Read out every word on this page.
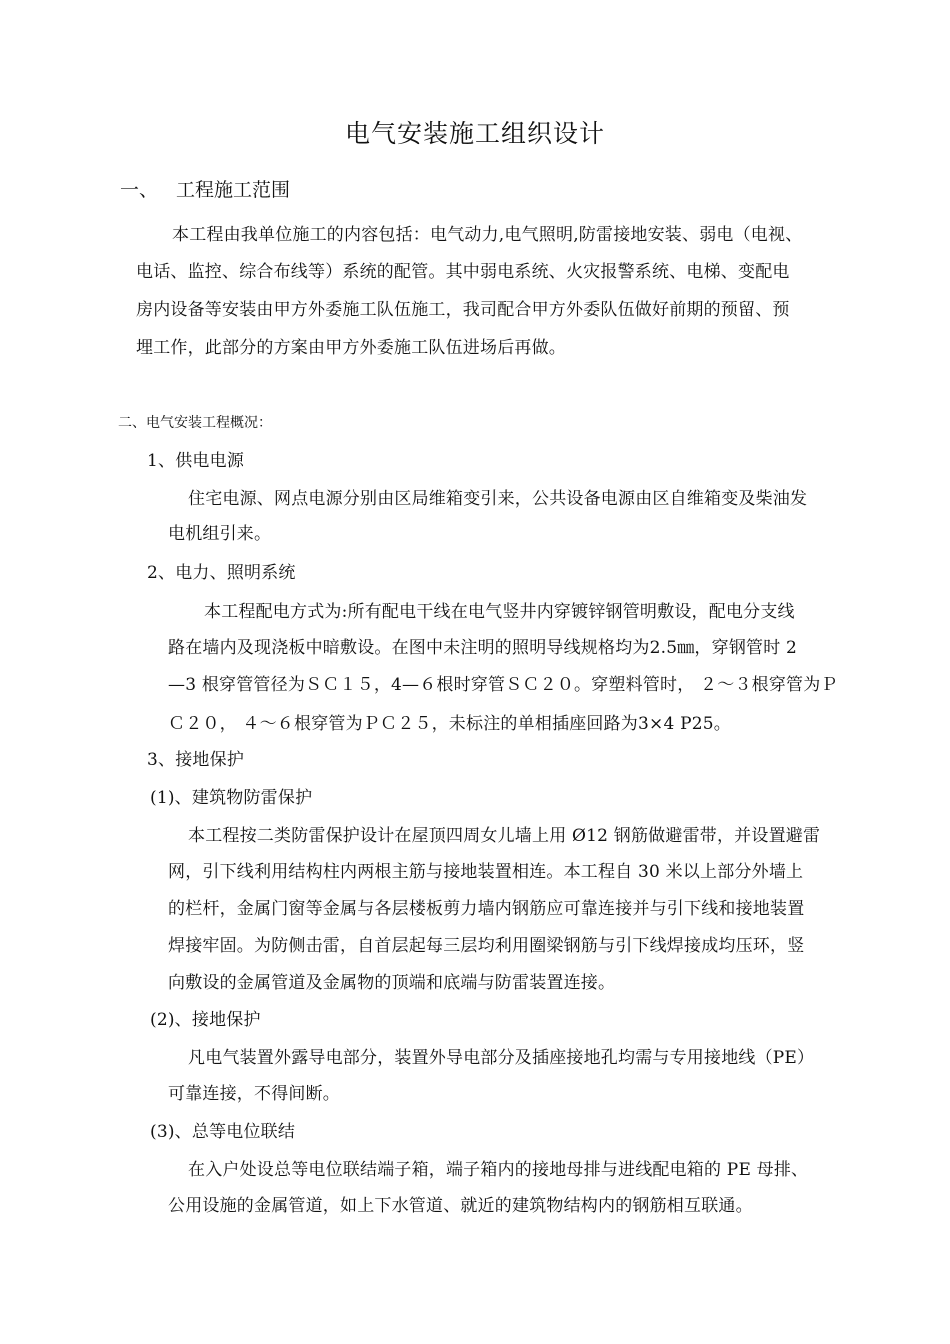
电气安装施工组织设计
一、 工程施工范围
本工程由我单位施工的内容包括：电气动力,电气照明,防雷接地安装、弱电（电视、
电话、监控、综合布线等）系统的配管。其中弱电系统、火灾报警系统、电梯、变配电
房内设备等安装由甲方外委施工队伍施工，我司配合甲方外委队伍做好前期的预留、预
埋工作，此部分的方案由甲方外委施工队伍进场后再做。
二、电气安装工程概况：
1、供电电源
住宅电源、网点电源分别由区局维箱变引来，公共设备电源由区自维箱变及柴油发
电机组引来。
2、电力、照明系统
本工程配电方式为:所有配电干线在电气竖井内穿镀锌钢管明敷设，配电分支线
路在墙内及现浇板中暗敷设。在图中未注明的照明导线规格均为2.5㎜，穿钢管时 2
—3 根穿管管径为ＳＣ１５，4—６根时穿管ＳＣ２０。穿塑料管时， ２～３根穿管为Ｐ
Ｃ２０， ４～６根穿管为ＰＣ２５，未标注的单相插座回路为3×4 P25。
3、接地保护
(1)、建筑物防雷保护
本工程按二类防雷保护设计在屋顶四周女儿墙上用 Ø12 钢筋做避雷带，并设置避雷
网，引下线利用结构柱内两根主筋与接地装置相连。本工程自 30 米以上部分外墙上
的栏杆，金属门窗等金属与各层楼板剪力墙内钢筋应可靠连接并与引下线和接地装置
焊接牢固。为防侧击雷，自首层起每三层均利用圈梁钢筋与引下线焊接成均压环，竖
向敷设的金属管道及金属物的顶端和底端与防雷装置连接。
(2)、接地保护
凡电气装置外露导电部分，装置外导电部分及插座接地孔均需与专用接地线（PE）
可靠连接，不得间断。
(3)、总等电位联结
在入户处设总等电位联结端子箱，端子箱内的接地母排与进线配电箱的 PE 母排、
公用设施的金属管道，如上下水管道、就近的建筑物结构内的钢筋相互联通。
